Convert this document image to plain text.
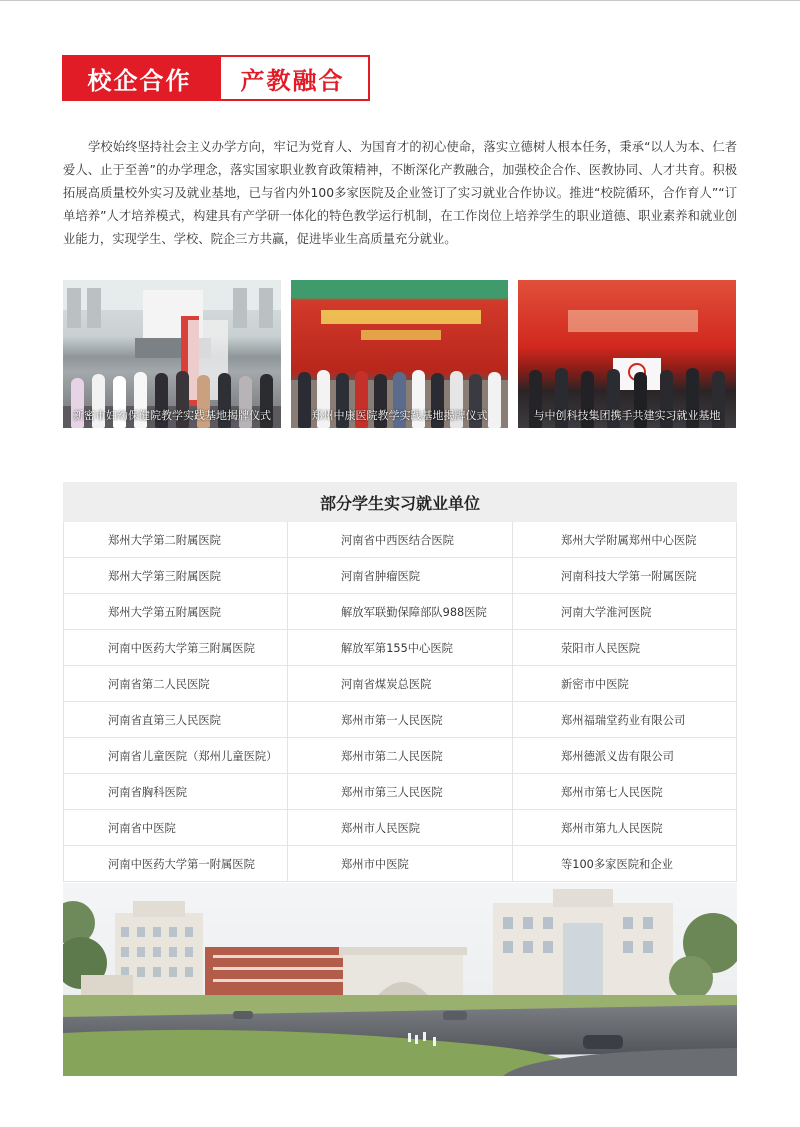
校企合作	产教融合

学校始终坚持社会主义办学方向，牢记为党育人、为国育才的初心使命，落实立德树人根本任务，秉承“以人为本、仁者爱人、止于至善”的办学理念，落实国家职业教育政策精神，不断深化产教融合，加强校企合作、医教协同、人才共育。积极拓展高质量校外实习及就业基地，已与省内外100多家医院及企业签订了实习就业合作协议。推进“校院循环，合作育人”“订单培养”人才培养模式，构建具有产学研一体化的特色教学运行机制，在工作岗位上培养学生的职业道德、职业素养和就业创业能力，实现学生、学校、院企三方共赢，促进毕业生高质量充分就业。

新密市妇幼保健院教学实践基地揭牌仪式	郑州中康医院教学实践基地揭牌仪式	与中创科技集团携手共建实习就业基地
部分学生实习就业单位
郑州大学第二附属医院	河南省中西医结合医院	郑州大学附属郑州中心医院
郑州大学第三附属医院	河南省肿瘤医院	河南科技大学第一附属医院
郑州大学第五附属医院	解放军联勤保障部队988医院	河南大学淮河医院
河南中医药大学第三附属医院	解放军第155中心医院	荥阳市人民医院
河南省第二人民医院	河南省煤炭总医院	新密市中医院
河南省直第三人民医院	郑州市第一人民医院	郑州福瑞堂药业有限公司
河南省儿童医院（郑州儿童医院）	郑州市第二人民医院	郑州德派义齿有限公司
河南省胸科医院	郑州市第三人民医院	郑州市第七人民医院
河南省中医院	郑州市人民医院	郑州市第九人民医院
河南中医药大学第一附属医院	郑州市中医院	等100多家医院和企业
